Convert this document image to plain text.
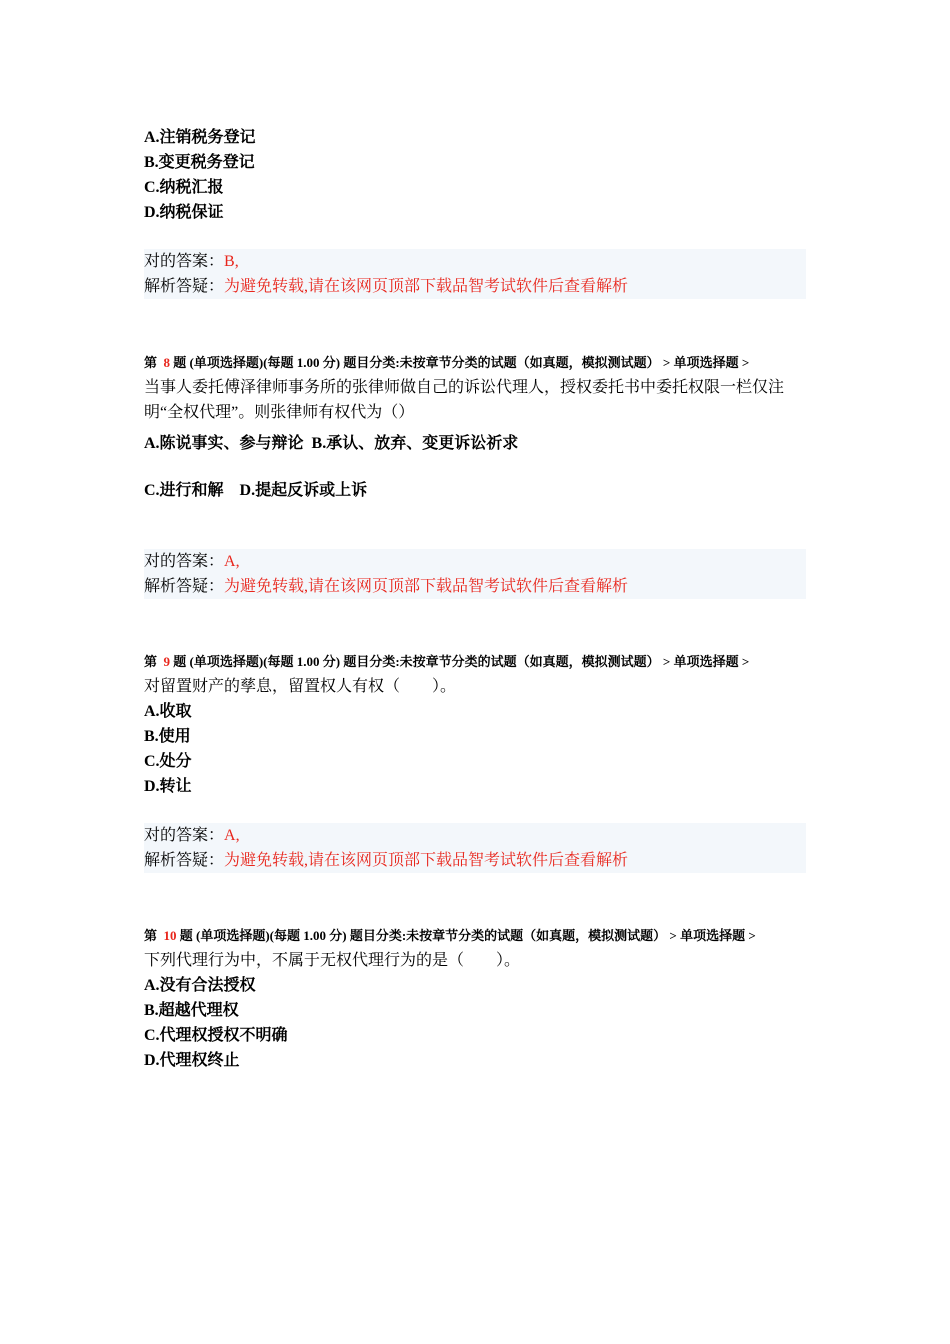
A.注销税务登记
B.变更税务登记
C.纳税汇报
D.纳税保证
对的答案：B,
解析答疑：为避免转载,请在该网页顶部下载品智考试软件后查看解析
第 8 题 (单项选择题)(每题 1.00 分) 题目分类:未按章节分类的试题（如真题，模拟测试题） > 单项选择题 >
当事人委托傅泽律师事务所的张律师做自己的诉讼代理人，授权委托书中委托权限一栏仅注明“全权代理”。则张律师有权代为（）
A.陈说事实、参与辩论  B.承认、放弃、变更诉讼祈求
C.进行和解    D.提起反诉或上诉
对的答案：A,
解析答疑：为避免转载,请在该网页顶部下载品智考试软件后查看解析
第 9 题 (单项选择题)(每题 1.00 分) 题目分类:未按章节分类的试题（如真题，模拟测试题） > 单项选择题 >
对留置财产的孳息，留置权人有权（　　）。
A.收取
B.使用
C.处分
D.转让
对的答案：A,
解析答疑：为避免转载,请在该网页顶部下载品智考试软件后查看解析
第 10 题 (单项选择题)(每题 1.00 分) 题目分类:未按章节分类的试题（如真题，模拟测试题） > 单项选择题 >
下列代理行为中，不属于无权代理行为的是（　　）。
A.没有合法授权
B.超越代理权
C.代理权授权不明确
D.代理权终止
